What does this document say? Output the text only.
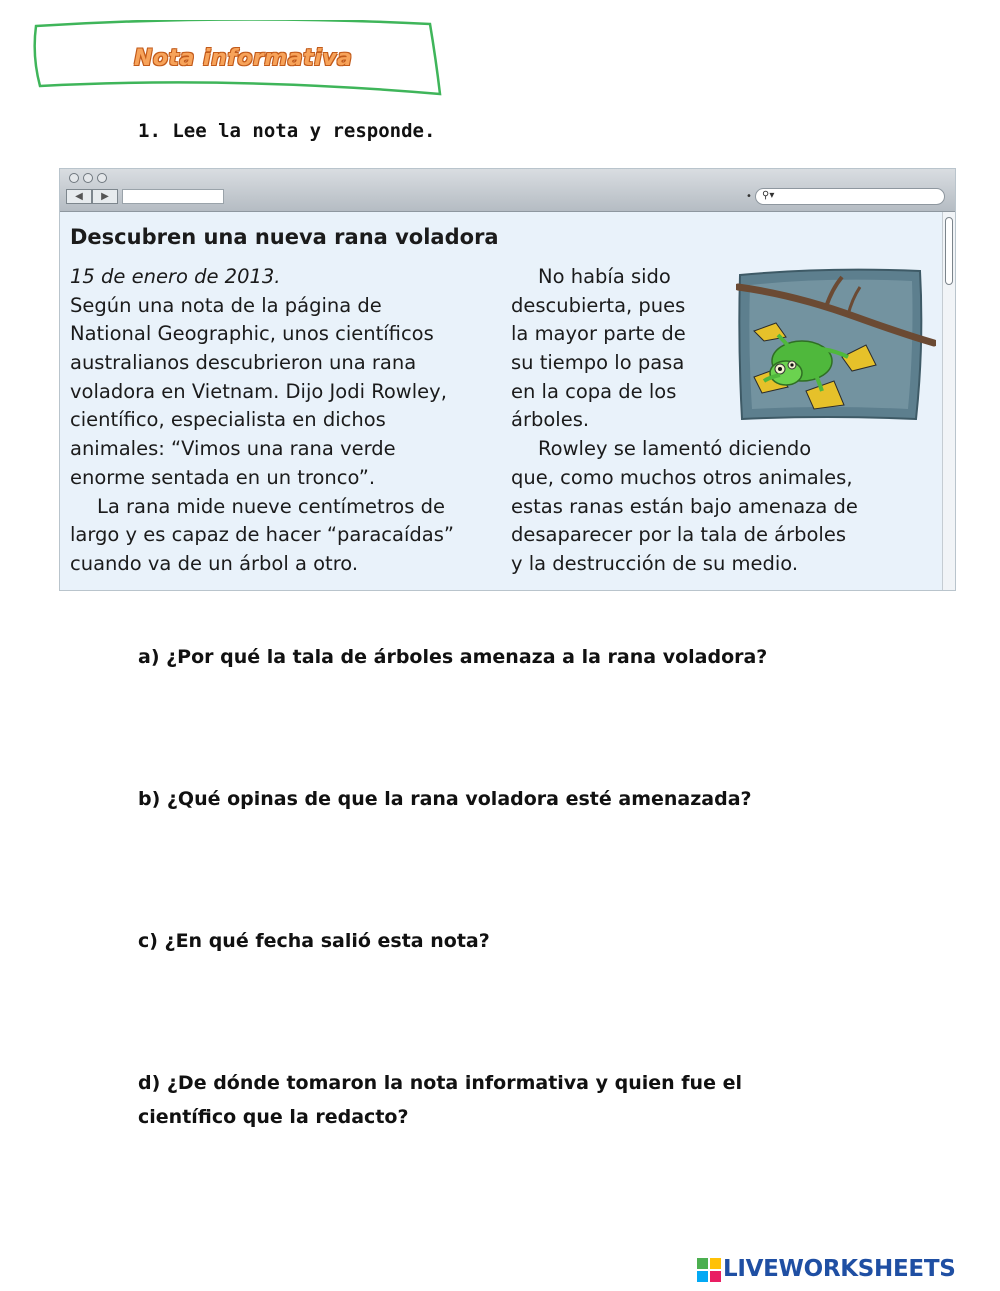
Nota informativa
1. Lee la nota y responde.
◀	▶	• ⚲▾
Descubren una nueva rana voladora
15 de enero de 2013.
Según una nota de la página de
National Geographic, unos científicos
australianos descubrieron una rana
voladora en Vietnam. Dijo Jodi Rowley,
científico, especialista en dichos
animales: “Vimos una rana verde
enorme sentada en un tronco”.
La rana mide nueve centímetros de
largo y es capaz de hacer “paracaídas”
cuando va de un árbol a otro.
No había sido
descubierta, pues
la mayor parte de
su tiempo lo pasa
en la copa de los
árboles.
Rowley se lamentó diciendo
que, como muchos otros animales,
estas ranas están bajo amenaza de
desaparecer por la tala de árboles
y la destrucción de su medio.
a) ¿Por qué la tala de árboles amenaza a la rana voladora?
b) ¿Qué opinas de que la rana voladora esté amenazada?
c) ¿En qué fecha salió esta nota?
d) ¿De dónde tomaron la nota informativa y quien fue el científico que la redacto?
LIVEWORKSHEETS
